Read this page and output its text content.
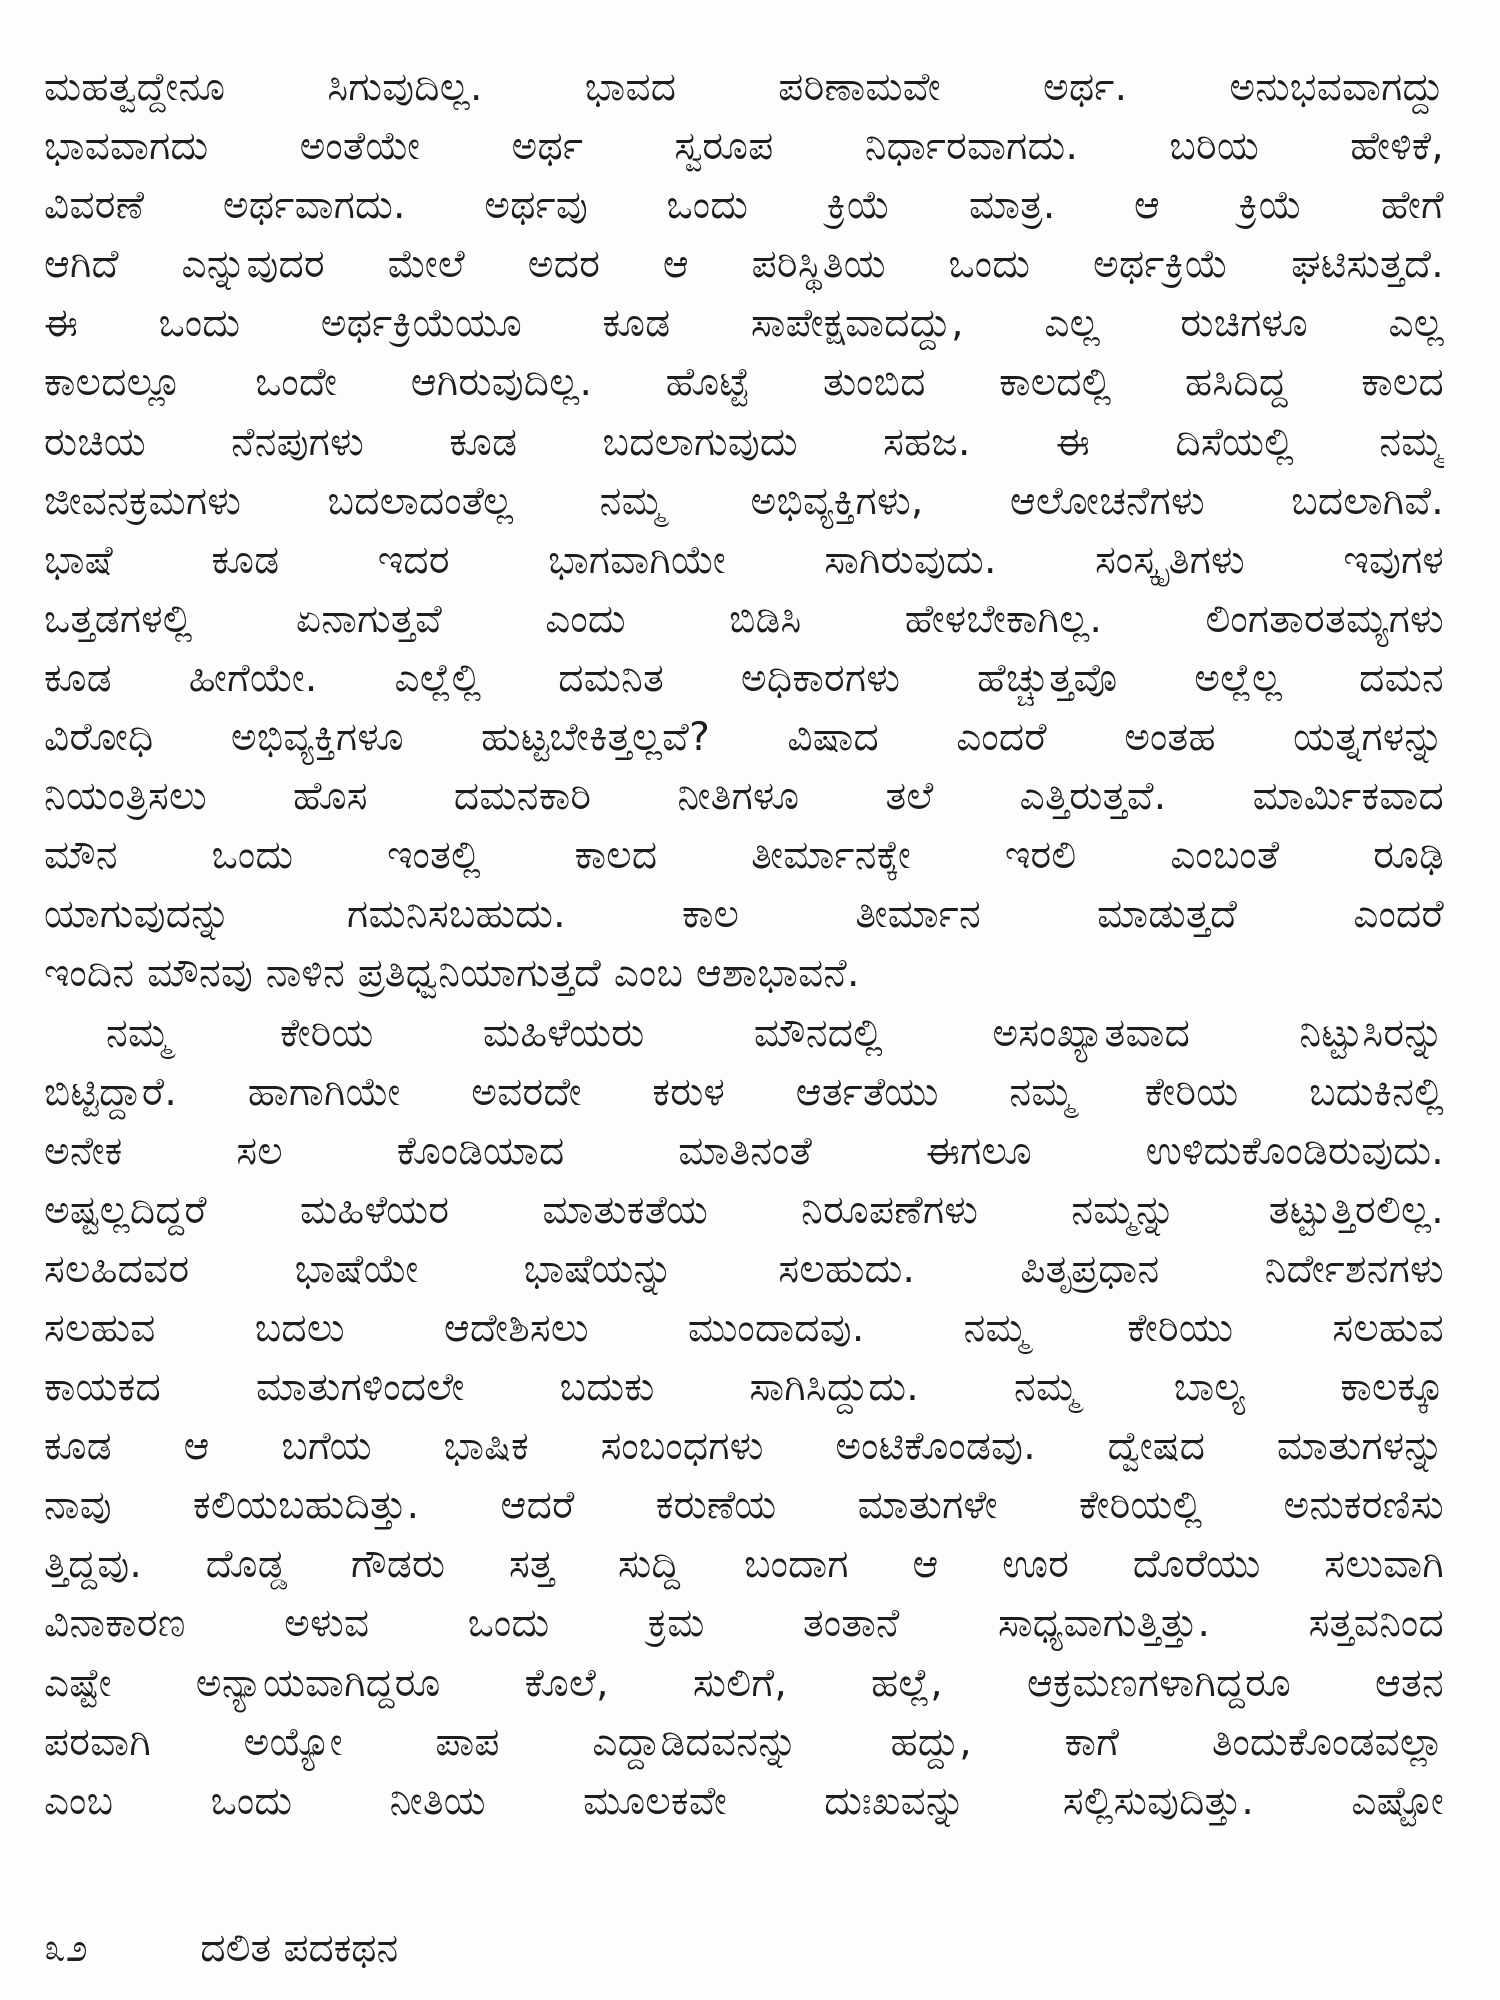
ಮಹತ್ವದ್ದೇನೂ ಸಿಗುವುದಿಲ್ಲ. ಭಾವದ ಪರಿಣಾಮವೇ ಅರ್ಥ. ಅನುಭವವಾಗದ್ದು
ಭಾವವಾಗದು ಅಂತೆಯೇ ಅರ್ಥ ಸ್ವರೂಪ ನಿರ್ಧಾರವಾಗದು. ಬರಿಯ ಹೇಳಿಕೆ,
ವಿವರಣೆ ಅರ್ಥವಾಗದು. ಅರ್ಥವು ಒಂದು ಕ್ರಿಯೆ ಮಾತ್ರ. ಆ ಕ್ರಿಯೆ ಹೇಗೆ
ಆಗಿದೆ ಎನ್ನುವುದರ ಮೇಲೆ ಅದರ ಆ ಪರಿಸ್ಥಿತಿಯ ಒಂದು ಅರ್ಥಕ್ರಿಯೆ ಘಟಿಸುತ್ತದೆ.
ಈ ಒಂದು ಅರ್ಥಕ್ರಿಯೆಯೂ ಕೂಡ ಸಾಪೇಕ್ಷವಾದದ್ದು, ಎಲ್ಲ ರುಚಿಗಳೂ ಎಲ್ಲ
ಕಾಲದಲ್ಲೂ ಒಂದೇ ಆಗಿರುವುದಿಲ್ಲ. ಹೊಟ್ಟೆ ತುಂಬಿದ ಕಾಲದಲ್ಲಿ ಹಸಿದಿದ್ದ ಕಾಲದ
ರುಚಿಯ ನೆನಪುಗಳು ಕೂಡ ಬದಲಾಗುವುದು ಸಹಜ. ಈ ದಿಸೆಯಲ್ಲಿ ನಮ್ಮ
ಜೀವನಕ್ರಮಗಳು ಬದಲಾದಂತೆಲ್ಲ ನಮ್ಮ ಅಭಿವ್ಯಕ್ತಿಗಳು, ಆಲೋಚನೆಗಳು ಬದಲಾಗಿವೆ.
ಭಾಷೆ ಕೂಡ ಇದರ ಭಾಗವಾಗಿಯೇ ಸಾಗಿರುವುದು. ಸಂಸ್ಕೃತಿಗಳು ಇವುಗಳ
ಒತ್ತಡಗಳಲ್ಲಿ ಏನಾಗುತ್ತವೆ ಎಂದು ಬಿಡಿಸಿ ಹೇಳಬೇಕಾಗಿಲ್ಲ. ಲಿಂಗತಾರತಮ್ಯಗಳು
ಕೂಡ ಹೀಗೆಯೇ. ಎಲ್ಲೆಲ್ಲಿ ದಮನಿತ ಅಧಿಕಾರಗಳು ಹೆಚ್ಚುತ್ತವೊ ಅಲ್ಲೆಲ್ಲ ದಮನ
ವಿರೋಧಿ ಅಭಿವ್ಯಕ್ತಿಗಳೂ ಹುಟ್ಟಬೇಕಿತ್ತಲ್ಲವೆ? ವಿಷಾದ ಎಂದರೆ ಅಂತಹ ಯತ್ನಗಳನ್ನು
ನಿಯಂತ್ರಿಸಲು ಹೊಸ ದಮನಕಾರಿ ನೀತಿಗಳೂ ತಲೆ ಎತ್ತಿರುತ್ತವೆ. ಮಾರ್ಮಿಕವಾದ
ಮೌನ ಒಂದು ಇಂತಲ್ಲಿ ಕಾಲದ ತೀರ್ಮಾನಕ್ಕೇ ಇರಲಿ ಎಂಬಂತೆ ರೂಢಿ
ಯಾಗುವುದನ್ನು ಗಮನಿಸಬಹುದು. ಕಾಲ ತೀರ್ಮಾನ ಮಾಡುತ್ತದೆ ಎಂದರೆ
ಇಂದಿನ ಮೌನವು ನಾಳಿನ ಪ್ರತಿಧ್ವನಿಯಾಗುತ್ತದೆ ಎಂಬ ಆಶಾಭಾವನೆ.
ನಮ್ಮ ಕೇರಿಯ ಮಹಿಳೆಯರು ಮೌನದಲ್ಲಿ ಅಸಂಖ್ಯಾತವಾದ ನಿಟ್ಟುಸಿರನ್ನು
ಬಿಟ್ಟಿದ್ದಾರೆ. ಹಾಗಾಗಿಯೇ ಅವರದೇ ಕರುಳ ಆರ್ತತೆಯು ನಮ್ಮ ಕೇರಿಯ ಬದುಕಿನಲ್ಲಿ
ಅನೇಕ ಸಲ ಕೊಂಡಿಯಾದ ಮಾತಿನಂತೆ ಈಗಲೂ ಉಳಿದುಕೊಂಡಿರುವುದು.
ಅಷ್ಟಲ್ಲದಿದ್ದರೆ ಮಹಿಳೆಯರ ಮಾತುಕತೆಯ ನಿರೂಪಣೆಗಳು ನಮ್ಮನ್ನು ತಟ್ಟುತ್ತಿರಲಿಲ್ಲ.
ಸಲಹಿದವರ ಭಾಷೆಯೇ ಭಾಷೆಯನ್ನು ಸಲಹುದು. ಪಿತೃಪ್ರಧಾನ ನಿರ್ದೇಶನಗಳು
ಸಲಹುವ ಬದಲು ಆದೇಶಿಸಲು ಮುಂದಾದವು. ನಮ್ಮ ಕೇರಿಯು ಸಲಹುವ
ಕಾಯಕದ ಮಾತುಗಳಿಂದಲೇ ಬದುಕು ಸಾಗಿಸಿದ್ದುದು. ನಮ್ಮ ಬಾಲ್ಯ ಕಾಲಕ್ಕೂ
ಕೂಡ ಆ ಬಗೆಯ ಭಾಷಿಕ ಸಂಬಂಧಗಳು ಅಂಟಿಕೊಂಡವು. ದ್ವೇಷದ ಮಾತುಗಳನ್ನು
ನಾವು ಕಲಿಯಬಹುದಿತ್ತು. ಆದರೆ ಕರುಣೆಯ ಮಾತುಗಳೇ ಕೇರಿಯಲ್ಲಿ ಅನುಕರಣಿಸು
ತ್ತಿದ್ದವು. ದೊಡ್ಡ ಗೌಡರು ಸತ್ತ ಸುದ್ದಿ ಬಂದಾಗ ಆ ಊರ ದೊರೆಯು ಸಲುವಾಗಿ
ವಿನಾಕಾರಣ ಅಳುವ ಒಂದು ಕ್ರಮ ತಂತಾನೆ ಸಾಧ್ಯವಾಗುತ್ತಿತ್ತು. ಸತ್ತವನಿಂದ
ಎಷ್ಟೇ ಅನ್ಯಾಯವಾಗಿದ್ದರೂ ಕೊಲೆ, ಸುಲಿಗೆ, ಹಲ್ಲೆ, ಆಕ್ರಮಣಗಳಾಗಿದ್ದರೂ ಆತನ
ಪರವಾಗಿ ಅಯ್ಯೋ ಪಾಪ ಎದ್ದಾಡಿದವನನ್ನು ಹದ್ದು, ಕಾಗೆ ತಿಂದುಕೊಂಡವಲ್ಲಾ
ಎಂಬ ಒಂದು ನೀತಿಯ ಮೂಲಕವೇ ದುಃಖವನ್ನು ಸಲ್ಲಿಸುವುದಿತ್ತು. ಎಷ್ಟೋ
೩೨	ದಲಿತ ಪದಕಥನ
